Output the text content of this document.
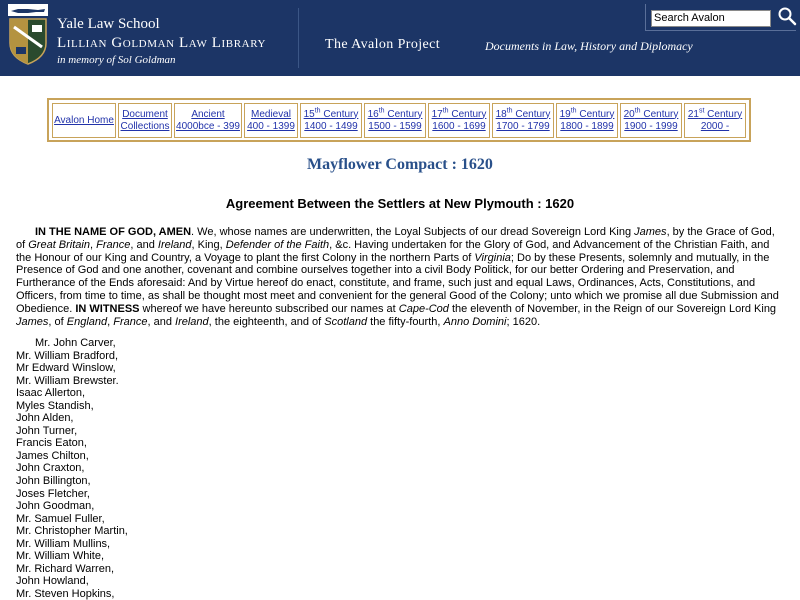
Yale Law School
Lillian Goldman Law Library
in memory of Sol Goldman
The Avalon Project	Documents in Law, History and Diplomacy
Search Avalon
Avalon Home
Document
Collections
Ancient
4000bce - 399
Medieval
400 - 1399
15th Century
1400 - 1499
16th Century
1500 - 1599
17th Century
1600 - 1699
18th Century
1700 - 1799
19th Century
1800 - 1899
20th Century
1900 - 1999
21st Century
2000 -
Mayflower Compact : 1620
Agreement Between the Settlers at New Plymouth : 1620
IN THE NAME OF GOD, AMEN. We, whose names are underwritten, the Loyal Subjects of our dread Sovereign Lord King James, by the Grace of God, of Great Britain, France, and Ireland, King, Defender of the Faith, &c. Having undertaken for the Glory of God, and Advancement of the Christian Faith, and the Honour of our King and Country, a Voyage to plant the first Colony in the northern Parts of Virginia; Do by these Presents, solemnly and mutually, in the Presence of God and one another, covenant and combine ourselves together into a civil Body Politick, for our better Ordering and Preservation, and Furtherance of the Ends aforesaid: And by Virtue hereof do enact, constitute, and frame, such just and equal Laws, Ordinances, Acts, Constitutions, and Officers, from time to time, as shall be thought most meet and convenient for the general Good of the Colony; unto which we promise all due Submission and Obedience. IN WITNESS whereof we have hereunto subscribed our names at Cape-Cod the eleventh of November, in the Reign of our Sovereign Lord King James, of England, France, and Ireland, the eighteenth, and of Scotland the fifty-fourth, Anno Domini; 1620.
Mr. John Carver,
Mr. William Bradford,
Mr Edward Winslow,
Mr. William Brewster.
Isaac Allerton,
Myles Standish,
John Alden,
John Turner,
Francis Eaton,
James Chilton,
John Craxton,
John Billington,
Joses Fletcher,
John Goodman,
Mr. Samuel Fuller,
Mr. Christopher Martin,
Mr. William Mullins,
Mr. William White,
Mr. Richard Warren,
John Howland,
Mr. Steven Hopkins,
